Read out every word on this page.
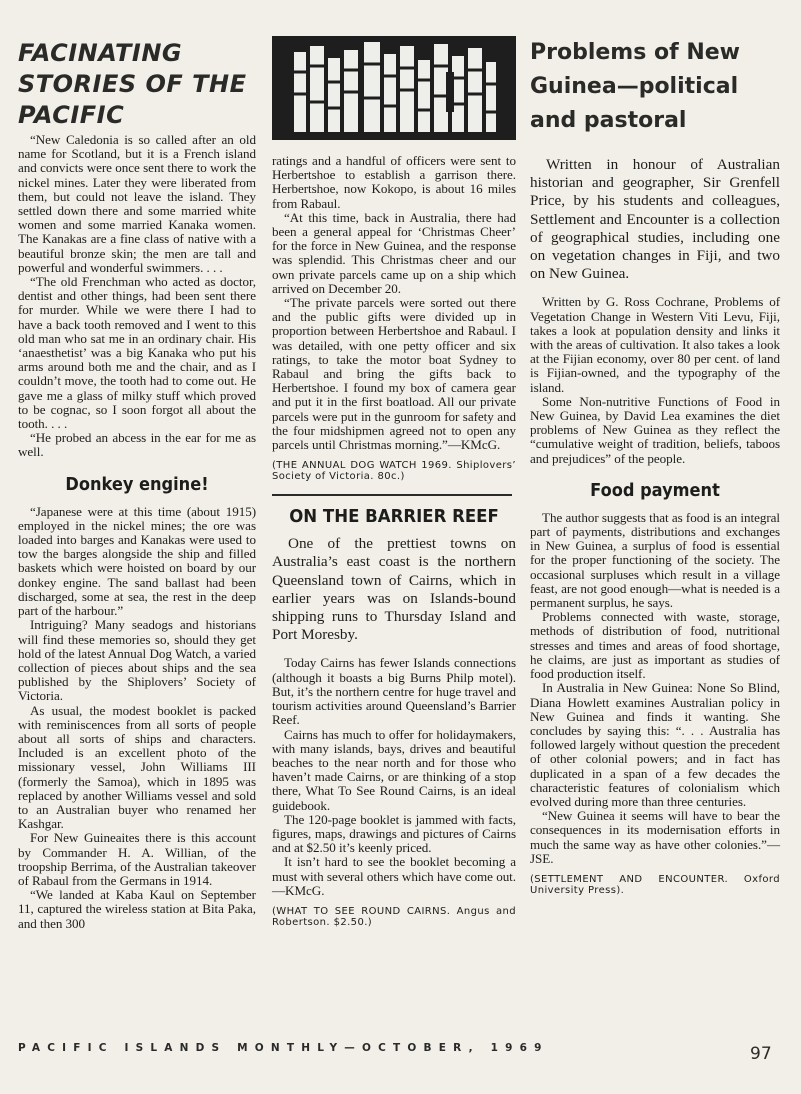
FACINATING STORIES OF THE PACIFIC

“New Caledonia is so called after an old name for Scotland, but it is a French island and convicts were once sent there to work the nickel mines. Later they were liberated from them, but could not leave the island. They settled down there and some married white women and some married Kanaka women. The Kanakas are a fine class of native with a beautiful bronze skin; the men are tall and powerful and wonderful swimmers. . . .

“The old Frenchman who acted as doctor, dentist and other things, had been sent there for murder. While we were there I had to have a back tooth removed and I went to this old man who sat me in an ordinary chair. His ‘anaesthetist’ was a big Kanaka who put his arms around both me and the chair, and as I couldn’t move, the tooth had to come out. He gave me a glass of milky stuff which proved to be cognac, so I soon forgot all about the tooth. . . .

“He probed an abcess in the ear for me as well.

Donkey engine!

“Japanese were at this time (about 1915) employed in the nickel mines; the ore was loaded into barges and Kanakas were used to tow the barges alongside the ship and filled baskets which were hoisted on board by our donkey engine. The sand ballast had been discharged, some at sea, the rest in the deep part of the harbour.”

Intriguing? Many seadogs and historians will find these memories so, should they get hold of the latest Annual Dog Watch, a varied collection of pieces about ships and the sea published by the Shiplovers’ Society of Victoria.

As usual, the modest booklet is packed with reminiscences from all sorts of people about all sorts of ships and characters. Included is an excellent photo of the missionary vessel, John Williams III (formerly the Samoa), which in 1895 was replaced by another Williams vessel and sold to an Australian buyer who renamed her Kashgar.

For New Guineaites there is this account by Commander H. A. Willian, of the troopship Berrima, of the Australian takeover of Rabaul from the Germans in 1914.

“We landed at Kaba Kaul on September 11, captured the wireless station at Bita Paka, and then 300

ratings and a handful of officers were sent to Herbertshoe to establish a garrison there. Herbertshoe, now Kokopo, is about 16 miles from Rabaul.

“At this time, back in Australia, there had been a general appeal for ‘Christmas Cheer’ for the force in New Guinea, and the response was splendid. This Christmas cheer and our own private parcels came up on a ship which arrived on December 20.

“The private parcels were sorted out there and the public gifts were divided up in proportion between Herbertshoe and Rabaul. I was detailed, with one petty officer and six ratings, to take the motor boat Sydney to Rabaul and bring the gifts back to Herbertshoe. I found my box of camera gear and put it in the first boatload. All our private parcels were put in the gunroom for safety and the four midshipmen agreed not to open any parcels until Christmas morning.”—KMcG.

(THE ANNUAL DOG WATCH 1969. Shiplovers’ Society of Victoria. 80c.)

ON THE BARRIER REEF

One of the prettiest towns on Australia’s east coast is the northern Queensland town of Cairns, which in earlier years was on Islands-bound shipping runs to Thursday Island and Port Moresby.

Today Cairns has fewer Islands connections (although it boasts a big Burns Philp motel). But, it’s the northern centre for huge travel and tourism activities around Queensland’s Barrier Reef.

Cairns has much to offer for holidaymakers, with many islands, bays, drives and beautiful beaches to the near north and for those who haven’t made Cairns, or are thinking of a stop there, What To See Round Cairns, is an ideal guidebook.

The 120-page booklet is jammed with facts, figures, maps, drawings and pictures of Cairns and at $2.50 it’s keenly priced.

It isn’t hard to see the booklet becoming a must with several others which have come out.—KMcG.

(WHAT TO SEE ROUND CAIRNS. Angus and Robertson. $2.50.)

Problems of New Guinea—political and pastoral

Written in honour of Australian historian and geographer, Sir Grenfell Price, by his students and colleagues, Settlement and Encounter is a collection of geographical studies, including one on vegetation changes in Fiji, and two on New Guinea.

Written by G. Ross Cochrane, Problems of Vegetation Change in Western Viti Levu, Fiji, takes a look at population density and links it with the areas of cultivation. It also takes a look at the Fijian economy, over 80 per cent. of land is Fijian-owned, and the typography of the island.

Some Non-nutritive Functions of Food in New Guinea, by David Lea examines the diet problems of New Guinea as they reflect the “cumulative weight of tradition, beliefs, taboos and prejudices” of the people.

Food payment

The author suggests that as food is an integral part of payments, distributions and exchanges in New Guinea, a surplus of food is essential for the proper functioning of the society. The occasional surpluses which result in a village feast, are not good enough—what is needed is a permanent surplus, he says.

Problems connected with waste, storage, methods of distribution of food, nutritional stresses and times and areas of food shortage, he claims, are just as important as studies of food production itself.

In Australia in New Guinea: None So Blind, Diana Howlett examines Australian policy in New Guinea and finds it wanting. She concludes by saying this: “. . . Australia has followed largely without question the precedent of other colonial powers; and in fact has duplicated in a span of a few decades the characteristic features of colonialism which evolved during more than three centuries.

“New Guinea it seems will have to bear the consequences in its modernisation efforts in much the same way as have other colonies.”—JSE.

(SETTLEMENT AND ENCOUNTER. Oxford University Press).

PACIFIC ISLANDS MONTHLY—OCTOBER, 1969	97
